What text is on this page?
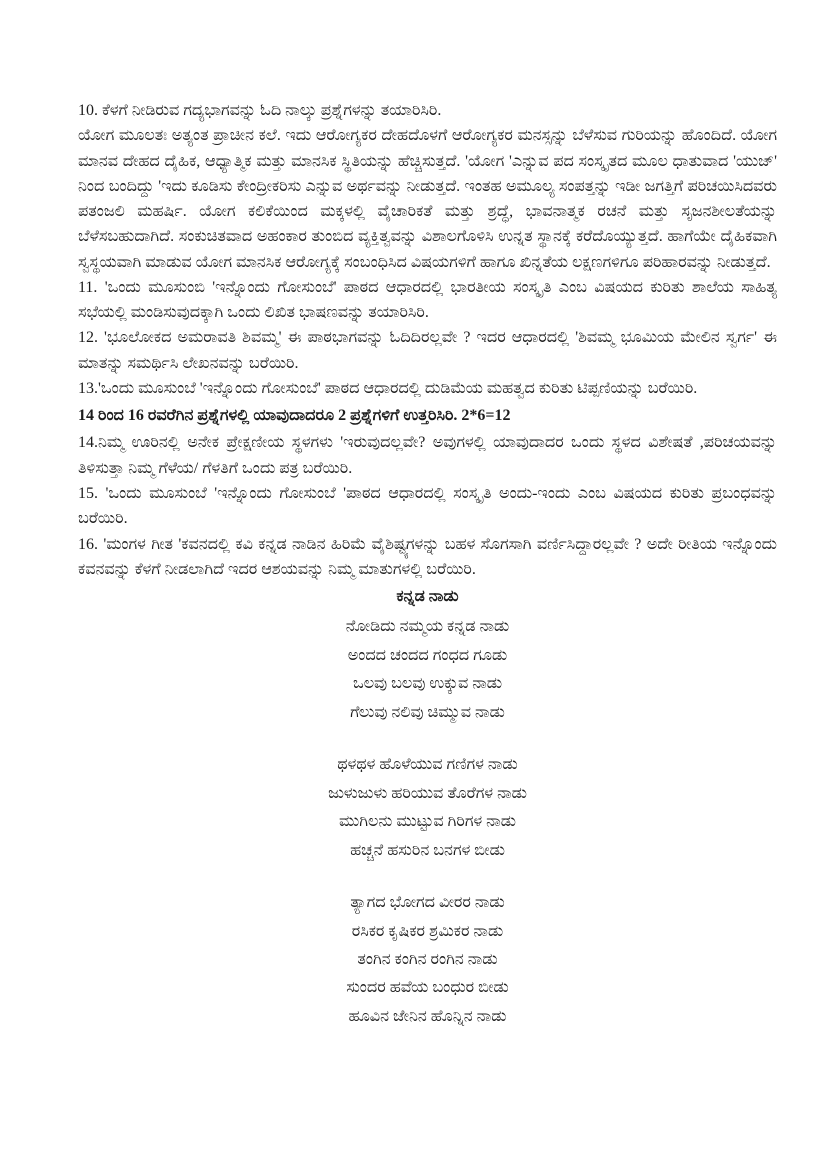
10. ಕೆಳಗೆ ನೀಡಿರುವ ಗದ್ಯಭಾಗವನ್ನು ಓದಿ ನಾಲ್ಕು ಪ್ರಶ್ನೆಗಳನ್ನು ತಯಾರಿಸಿರಿ.

ಯೋಗ ಮೂಲತಃ ಅತ್ಯಂತ ಪ್ರಾಚೀನ ಕಲೆ. ಇದು ಆರೋಗ್ಯಕರ ದೇಹದೊಳಗೆ ಆರೋಗ್ಯಕರ ಮನಸ್ಸನ್ನು ಬೆಳೆಸುವ ಗುರಿಯನ್ನು ಹೊಂದಿದೆ. ಯೋಗ ಮಾನವ ದೇಹದ ದೈಹಿಕ, ಆಧ್ಯಾತ್ಮಿಕ ಮತ್ತು ಮಾನಸಿಕ ಸ್ಥಿತಿಯನ್ನು ಹೆಚ್ಚಿಸುತ್ತದೆ. 'ಯೋಗ 'ಎನ್ನುವ ಪದ ಸಂಸ್ಕೃತದ ಮೂಲ ಧಾತುವಾದ 'ಯುಜ್' ನಿಂದ ಬಂದಿದ್ದು 'ಇದು ಕೂಡಿಸು ಕೇಂದ್ರೀಕರಿಸು ಎನ್ನುವ ಅರ್ಥವನ್ನು ನೀಡುತ್ತದೆ. ಇಂತಹ ಅಮೂಲ್ಯ ಸಂಪತ್ತನ್ನು ಇಡೀ ಜಗತ್ತಿಗೆ ಪರಿಚಯಿಸಿದವರು ಪತಂಜಲಿ ಮಹರ್ಷಿ. ಯೋಗ ಕಲಿಕೆಯಿಂದ ಮಕ್ಕಳಲ್ಲಿ ವೈಚಾರಿಕತೆ ಮತ್ತು ಶ್ರದ್ಧೆ, ಭಾವನಾತ್ಮಕ ರಚನೆ ಮತ್ತು ಸೃಜನಶೀಲತೆಯನ್ನು ಬೆಳೆಸಬಹುದಾಗಿದೆ. ಸಂಕುಚಿತವಾದ ಅಹಂಕಾರ ತುಂಬಿದ ವ್ಯಕ್ತಿತ್ವವನ್ನು ವಿಶಾಲಗೊಳಿಸಿ ಉನ್ನತ ಸ್ಥಾನಕ್ಕೆ ಕರೆದೊಯ್ಯುತ್ತದೆ. ಹಾಗೆಯೇ ದೈಹಿಕವಾಗಿ ಸ್ವಸ್ಥಯವಾಗಿ ಮಾಡುವ ಯೋಗ ಮಾನಸಿಕ ಆರೋಗ್ಯಕ್ಕೆ ಸಂಬಂಧಿಸಿದ ವಿಷಯಗಳಿಗೆ ಹಾಗೂ ಖಿನ್ನತೆಯ ಲಕ್ಷಣಗಳಿಗೂ ಪರಿಹಾರವನ್ನು ನೀಡುತ್ತದೆ.

11. 'ಒಂದು ಮೂಸುಂಬಿ 'ಇನ್ನೊಂದು ಗೋಸುಂಬೆ' ಪಾಠದ ಆಧಾರದಲ್ಲಿ ಭಾರತೀಯ ಸಂಸ್ಕೃತಿ ಎಂಬ ವಿಷಯದ ಕುರಿತು ಶಾಲೆಯ ಸಾಹಿತ್ಯ ಸಭೆಯಲ್ಲಿ ಮಂಡಿಸುವುದಕ್ಕಾಗಿ ಒಂದು ಲಿಖಿತ ಭಾಷಣವನ್ನು ತಯಾರಿಸಿರಿ.

12. 'ಭೂಲೋಕದ ಅಮರಾವತಿ ಶಿವಮ್ಮ' ಈ ಪಾಠಭಾಗವನ್ನು ಓದಿದಿರಲ್ಲವೇ ? ಇದರ ಆಧಾರದಲ್ಲಿ 'ಶಿವಮ್ಮ ಭೂಮಿಯ ಮೇಲಿನ ಸ್ವರ್ಗ' ಈ ಮಾತನ್ನು ಸಮರ್ಥಿಸಿ ಲೇಖನವನ್ನು ಬರೆಯಿರಿ.

13.'ಒಂದು ಮೂಸುಂಬೆ 'ಇನ್ನೊಂದು ಗೋಸುಂಬೆ' ಪಾಠದ ಆಧಾರದಲ್ಲಿ ದುಡಿಮೆಯ ಮಹತ್ವದ ಕುರಿತು ಟಿಪ್ಪಣಿಯನ್ನು ಬರೆಯಿರಿ.

14 ರಿಂದ 16 ರವರೆಗಿನ ಪ್ರಶ್ನೆಗಳಲ್ಲಿ ಯಾವುದಾದರೂ 2 ಪ್ರಶ್ನೆಗಳಿಗೆ ಉತ್ತರಿಸಿರಿ. 2*6=12

14.ನಿಮ್ಮ ಊರಿನಲ್ಲಿ ಅನೇಕ ಪ್ರೇಕ್ಷಣೀಯ ಸ್ಥಳಗಳು 'ಇರುವುದಲ್ಲವೇ? ಅವುಗಳಲ್ಲಿ ಯಾವುದಾದರ ಒಂದು ಸ್ಥಳದ ವಿಶೇಷತೆ ,ಪರಿಚಯವನ್ನು ತಿಳಿಸುತ್ತಾ ನಿಮ್ಮ ಗೆಳೆಯ/ ಗೆಳತಿಗೆ ಒಂದು ಪತ್ರ ಬರೆಯಿರಿ.

15. 'ಒಂದು ಮೂಸುಂಬೆ 'ಇನ್ನೊಂದು ಗೋಸುಂಬೆ 'ಪಾಠದ ಆಧಾರದಲ್ಲಿ ಸಂಸ್ಕೃತಿ ಅಂದು-ಇಂದು ಎಂಬ ವಿಷಯದ ಕುರಿತು ಪ್ರಬಂಧವನ್ನು ಬರೆಯಿರಿ.

16. 'ಮಂಗಳ ಗೀತ 'ಕವನದಲ್ಲಿ ಕವಿ ಕನ್ನಡ ನಾಡಿನ ಹಿರಿಮೆ ವೈಶಿಷ್ಟ್ಯಗಳನ್ನು ಬಹಳ ಸೊಗಸಾಗಿ ವರ್ಣಿಸಿದ್ದಾರಲ್ಲವೇ ? ಅದೇ ರೀತಿಯ ಇನ್ನೊಂದು ಕವನವನ್ನು ಕೆಳಗೆ ನೀಡಲಾಗಿದೆ ಇದರ ಆಶಯವನ್ನು ನಿಮ್ಮ ಮಾತುಗಳಲ್ಲಿ ಬರೆಯಿರಿ.

ಕನ್ನಡ ನಾಡು
ನೋಡಿದು ನಮ್ಮಯ ಕನ್ನಡ ನಾಡು
ಅಂದದ ಚಂದದ ಗಂಧದ ಗೂಡು
ಒಲವು ಬಲವು ಉಕ್ಕುವ ನಾಡು
ಗೆಲುವು ನಲಿವು ಚಿಮ್ಮುವ ನಾಡು
ಥಳಥಳ ಹೊಳೆಯುವ ಗಣಿಗಳ ನಾಡು
ಜುಳುಜುಳು ಹರಿಯುವ ತೊರೆಗಳ ನಾಡು
ಮುಗಿಲನು ಮುಟ್ಟುವ ಗಿರಿಗಳ ನಾಡು
ಹಚ್ಚನೆ ಹಸುರಿನ ಬನಗಳ ಬೀಡು
ತ್ಯಾಗದ ಭೋಗದ ವೀರರ ನಾಡು
ರಸಿಕರ ಕೃಷಿಕರ ಶ್ರಮಿಕರ ನಾಡು
ತಂಗಿನ ಕಂಗಿನ ರಂಗಿನ ನಾಡು
ಸುಂದರ ಹವೆಯ ಬಂಧುರ ಬೀಡು
ಹೂವಿನ ಜೇನಿನ ಹೊನ್ನಿನ ನಾಡು
